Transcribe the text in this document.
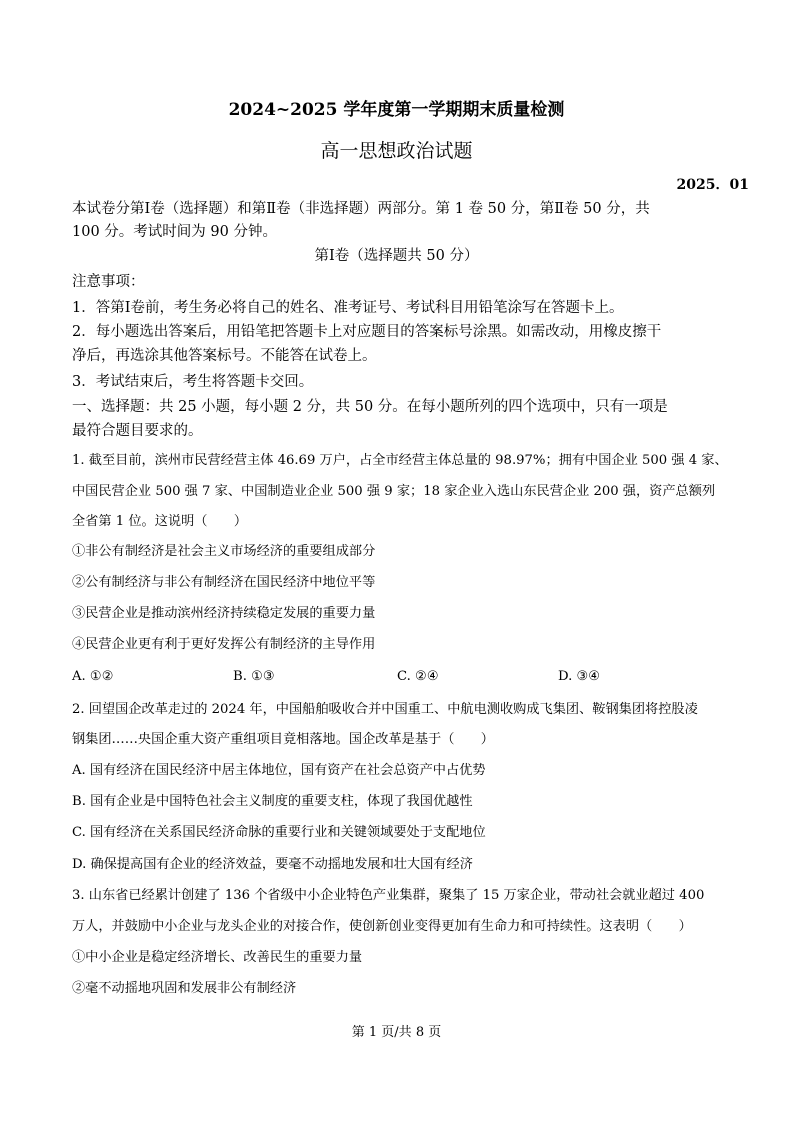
2024~2025 学年度第一学期期末质量检测
高一思想政治试题
2025．01
本试卷分第Ⅰ卷（选择题）和第Ⅱ卷（非选择题）两部分。第 1 卷 50 分，第Ⅱ卷 50 分，共
100 分。考试时间为 90 分钟。
第Ⅰ卷（选择题共 50 分）
注意事项：
1．答第Ⅰ卷前，考生务必将自己的姓名、准考证号、考试科目用铅笔涂写在答题卡上。
2．每小题选出答案后，用铅笔把答题卡上对应题目的答案标号涂黑。如需改动，用橡皮擦干
净后，再选涂其他答案标号。不能答在试卷上。
3．考试结束后，考生将答题卡交回。
一、选择题：共 25 小题，每小题 2 分，共 50 分。在每小题所列的四个选项中，只有一项是
最符合题目要求的。
1. 截至目前，滨州市民营经营主体 46.69 万户，占全市经营主体总量的 98.97%；拥有中国企业 500 强 4 家、
中国民营企业 500 强 7 家、中国制造业企业 500 强 9 家；18 家企业入选山东民营企业 200 强，资产总额列
全省第 1 位。这说明（　　）
①非公有制经济是社会主义市场经济的重要组成部分
②公有制经济与非公有制经济在国民经济中地位平等
③民营企业是推动滨州经济持续稳定发展的重要力量
④民营企业更有利于更好发挥公有制经济的主导作用
A. ①②	B. ①③	C. ②④	D. ③④
2. 回望国企改革走过的 2024 年，中国船舶吸收合并中国重工、中航电测收购成飞集团、鞍钢集团将控股凌
钢集团……央国企重大资产重组项目竟相落地。国企改革是基于（　　）
A. 国有经济在国民经济中居主体地位，国有资产在社会总资产中占优势
B. 国有企业是中国特色社会主义制度的重要支柱，体现了我国优越性
C. 国有经济在关系国民经济命脉的重要行业和关键领域要处于支配地位
D. 确保提高国有企业的经济效益，要毫不动摇地发展和壮大国有经济
3. 山东省已经累计创建了 136 个省级中小企业特色产业集群，聚集了 15 万家企业，带动社会就业超过 400
万人，并鼓励中小企业与龙头企业的对接合作，使创新创业变得更加有生命力和可持续性。这表明（　　）
①中小企业是稳定经济增长、改善民生的重要力量
②毫不动摇地巩固和发展非公有制经济
第 1 页/共 8 页
